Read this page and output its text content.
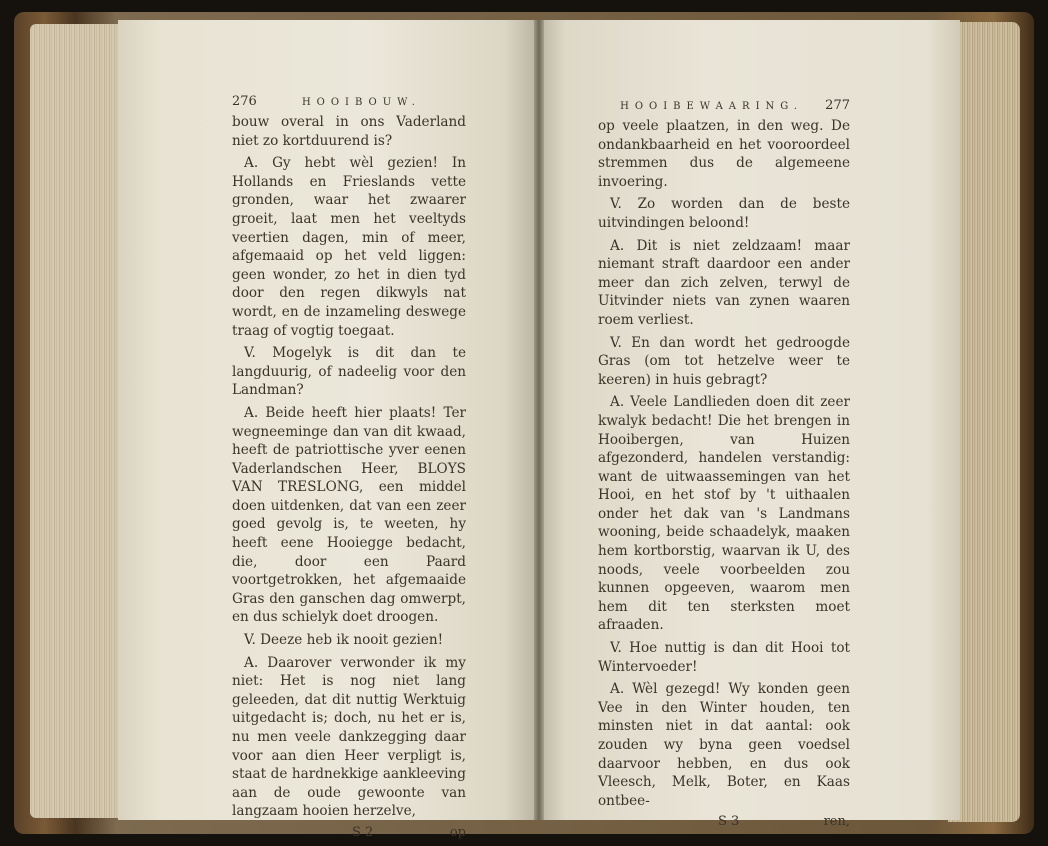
276	HOOIBOUW.

bouw overal in ons Vaderland niet zo kortduurend is?

A. Gy hebt wèl gezien! In Hollands en Frieslands vette gronden, waar het zwaarer groeit, laat men het veeltyds veertien dagen, min of meer, afgemaaid op het veld liggen: geen wonder, zo het in dien tyd door den regen dikwyls nat wordt, en de inzameling deswege traag of vogtig toegaat.

V. Mogelyk is dit dan te langduurig, of nadeelig voor den Landman?

A. Beide heeft hier plaats! Ter wegneeminge dan van dit kwaad, heeft de patriottische yver eenen Vaderlandschen Heer, BLOYS VAN TRESLONG, een middel doen uitdenken, dat van een zeer goed gevolg is, te weeten, hy heeft eene Hooiegge bedacht, die, door een Paard voortgetrokken, het afgemaaide Gras den ganschen dag omwerpt, en dus schielyk doet droogen.

V. Deeze heb ik nooit gezien!

A. Daarover verwonder ik my niet: Het is nog niet lang geleeden, dat dit nuttig Werktuig uitgedacht is; doch, nu het er is, nu men veele dankzegging daar voor aan dien Heer verpligt is, staat de hardnekkige aankleeving aan de oude gewoonte van langzaam hooien herzelve,

S 2	op
HOOIBEWAARING. 277

op veele plaatzen, in den weg. De ondankbaarheid en het vooroordeel stremmen dus de algemeene invoering.

V. Zo worden dan de beste uitvindingen beloond!

A. Dit is niet zeldzaam! maar niemant straft daardoor een ander meer dan zich zelven, terwyl de Uitvinder niets van zynen waaren roem verliest.

V. En dan wordt het gedroogde Gras (om tot hetzelve weer te keeren) in huis gebragt?

A. Veele Landlieden doen dit zeer kwalyk bedacht! Die het brengen in Hooibergen, van Huizen afgezonderd, handelen verstandig: want de uitwaassemingen van het Hooi, en het stof by 't uithaalen onder het dak van 's Landmans wooning, beide schaadelyk, maaken hem kortborstig, waarvan ik U, des noods, veele voorbeelden zou kunnen opgeeven, waarom men hem dit ten sterksten moet afraaden.

V. Hoe nuttig is dan dit Hooi tot Wintervoeder!

A. Wèl gezegd! Wy konden geen Vee in den Winter houden, ten minsten niet in dat aantal: ook zouden wy byna geen voedsel daarvoor hebben, en dus ook Vleesch, Melk, Boter, en Kaas ontbee-

S 3	ren,
